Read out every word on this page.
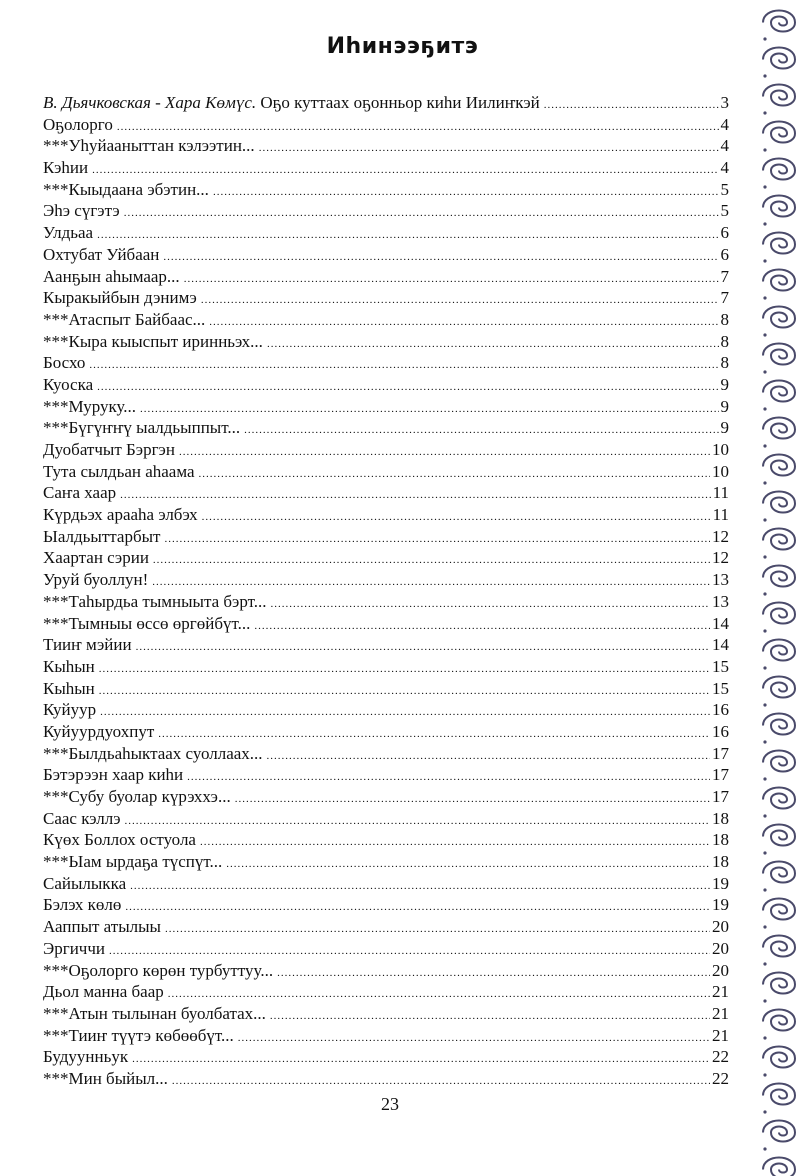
Иһинээҕитэ
В. Дьячковская - Хара Көмүс. Оҕо куттаах оҕонньор киһи Иилиҥкэй .....	3
Оҕолорго .....	4
***Уһуйааныттан кэлээтин... .....	4
Кэһии .....	4
***Кыыдаана эбэтин... .....	5
Эһэ сүгэтэ .....	5
Улдьаа .....	6
Охтубат Уйбаан .....	6
Аанҕын аһымаар... .....	7
Кыракыйбын дэнимэ .....	7
***Атаспыт Байбаас... .....	8
***Кыра кыыспыт иринньэх... .....	8
Босхо .....	8
Куоска .....	9
***Муруку... .....	9
***Бүгүҥҥү ыалдьыппыт... .....	9
Дуобатчыт Бэргэн .....	10
Тута сылдьан аһаама .....	10
Саҥа хаар .....	11
Күрдьэх арааһа элбэх .....	11
Ыалдьыттарбыт .....	12
Хаартан сэрии .....	12
Уруй буоллун! .....	13
***Таһырдьа тымныыта бэрт... .....	13
***Тымныы өссө өргөйбүт... .....	14
Тииҥ мэйии .....	14
Кыһын .....	15
Кыһын .....	15
Куйуур .....	16
Куйуурдуохпут .....	16
***Былдьаһыктаах суоллаах... .....	17
Бэтэрээн хаар киһи .....	17
***Субу буолар күрэххэ... .....	17
Саас кэллэ .....	18
Күөх Боллох остуола .....	18
***Ыам ырдаҕа түспүт... .....	18
Сайылыкка .....	19
Бэлэх көлө .....	19
Ааппыт атылыы .....	20
Эргиччи .....	20
***Оҕолорго көрөн турбуттуу... .....	20
Дьол манна баар .....	21
***Атын тылынан буолбатах... .....	21
***Тииҥ түүтэ көбөөбүт... .....	21
Будуунньук .....	22
***Мин быйыл... .....	22
23
